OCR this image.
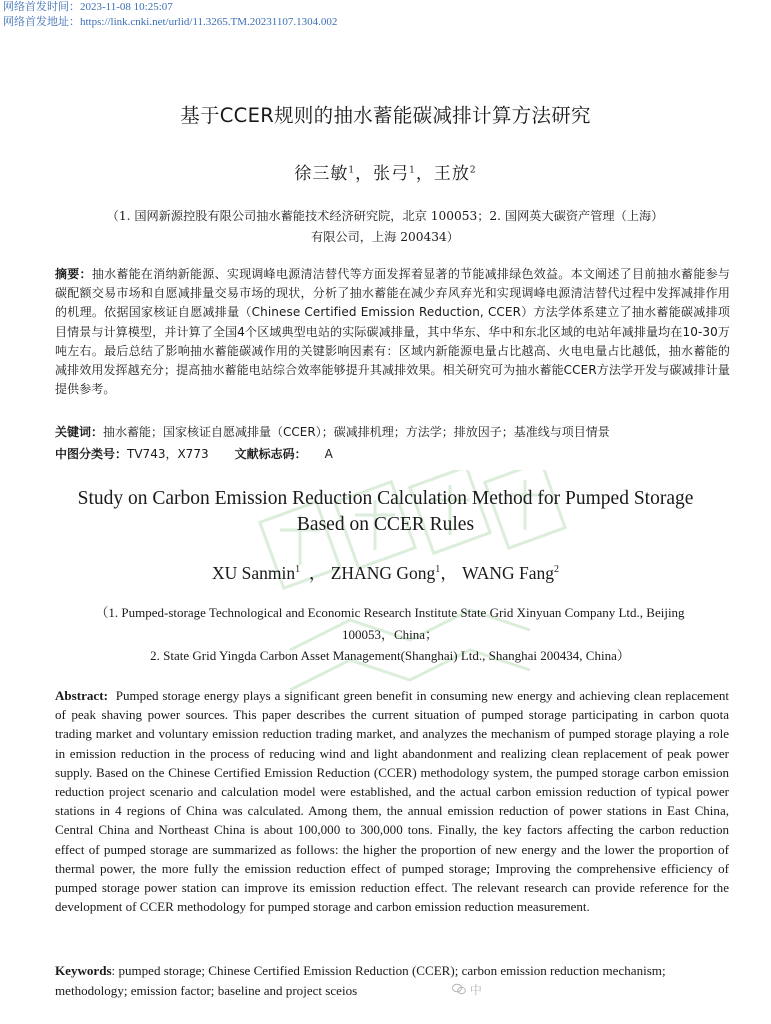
网络首发时间：2023-11-08 10:25:07
网络首发地址：https://link.cnki.net/urlid/11.3265.TM.20231107.1304.002
基于CCER规则的抽水蓄能碳减排计算方法研究
徐三敏$^1$，张弓$^1$，王放$^2$
（1. 国网新源控股有限公司抽水蓄能技术经济研究院，北京 100053；2. 国网英大碳资产管理（上海）
有限公司，上海 200434）
摘要：抽水蓄能在消纳新能源、实现调峰电源清洁替代等方面发挥着显著的节能减排绿色效益。本文阐述了目前抽水蓄能参与碳配额交易市场和自愿减排量交易市场的现状，分析了抽水蓄能在减少弃风弃光和实现调峰电源清洁替代过程中发挥减排作用的机理。依据国家核证自愿减排量（Chinese Certified Emission Reduction, CCER）方法学体系建立了抽水蓄能碳减排项目情景与计算模型，并计算了全国4个区域典型电站的实际碳减排量，其中华东、华中和东北区域的电站年减排量均在10-30万吨左右。最后总结了影响抽水蓄能碳减作用的关键影响因素有：区域内新能源电量占比越高、火电电量占比越低，抽水蓄能的减排效用发挥越充分；提高抽水蓄能电站综合效率能够提升其减排效果。相关研究可为抽水蓄能CCER方法学开发与碳减排计量提供参考。
关键词：抽水蓄能；国家核证自愿减排量（CCER）；碳减排机理；方法学；排放因子；基准线与项目情景
中图分类号：TV743，X773 文献标志码： A
Study on Carbon Emission Reduction Calculation Method for Pumped Storage
Based on CCER Rules
XU Sanmin$^1$  ， ZHANG Gong$^1$， WANG Fang$^2$
（1. Pumped-storage Technological and Economic Research Institute State Grid Xinyuan Company Ltd., Beijing
100053，China；
2. State Grid Yingda Carbon Asset Management(Shanghai) Ltd., Shanghai 200434, China）
Abstract:  Pumped storage energy plays a significant green benefit in consuming new energy and achieving clean replacement of peak shaving power sources. This paper describes the current situation of pumped storage participating in carbon quota trading market and voluntary emission reduction trading market, and analyzes the mechanism of pumped storage playing a role in emission reduction in the process of reducing wind and light abandonment and realizing clean replacement of peak power supply. Based on the Chinese Certified Emission Reduction (CCER) methodology system, the pumped storage carbon emission reduction project scenario and calculation model were established, and the actual carbon emission reduction of typical power stations in 4 regions of China was calculated. Among them, the annual emission reduction of power stations in East China, Central China and Northeast China is about 100,000 to 300,000 tons. Finally, the key factors affecting the carbon reduction effect of pumped storage are summarized as follows: the higher the proportion of new energy and the lower the proportion of thermal power, the more fully the emission reduction effect of pumped storage; Improving the comprehensive efficiency of pumped storage power station can improve its emission reduction effect. The relevant research can provide reference for the development of CCER methodology for pumped storage and carbon emission reduction measurement.
Keywords: pumped storage; Chinese Certified Emission Reduction (CCER); carbon emission reduction mechanism; methodology; emission factor; baseline and project sceios	中
